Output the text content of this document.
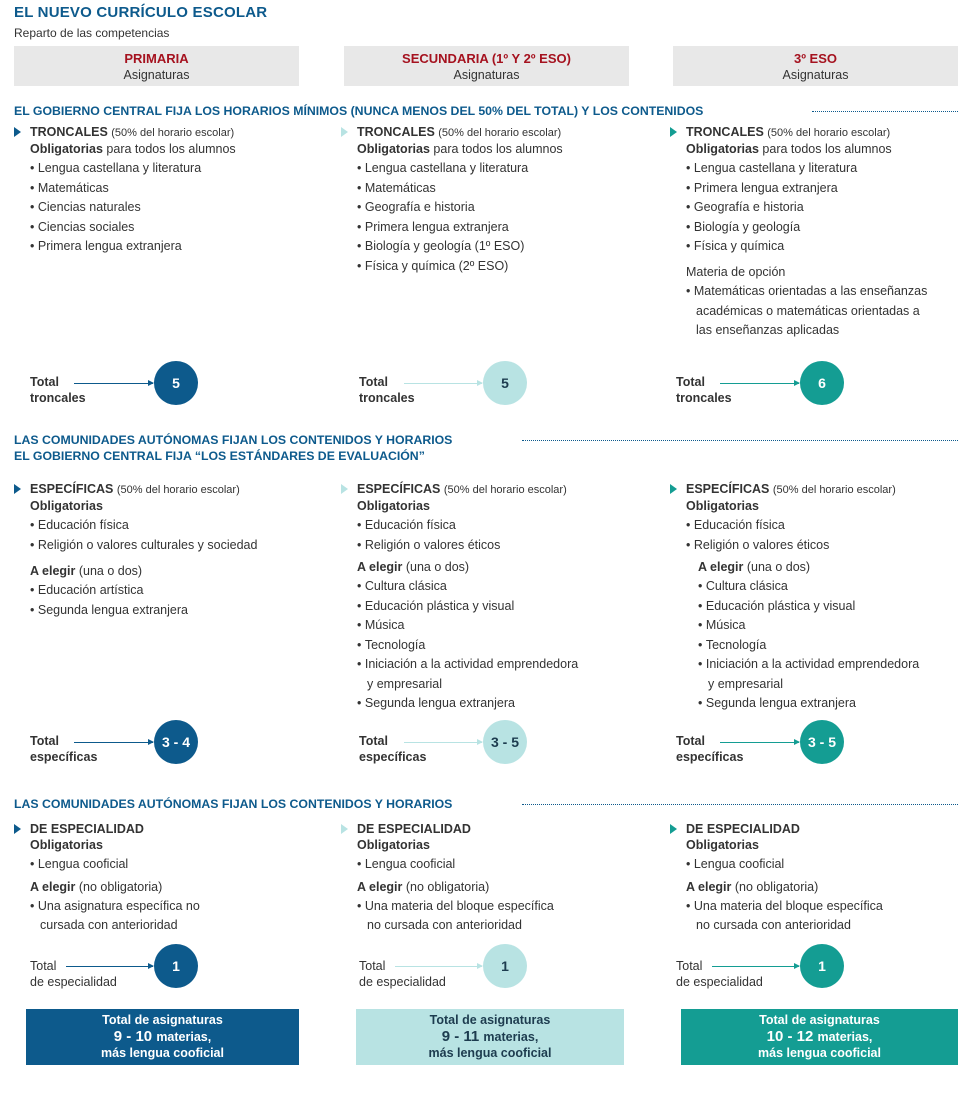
EL NUEVO CURRÍCULO ESCOLAR
Reparto de las competencias
PRIMARIA
Asignaturas
SECUNDARIA (1º Y 2º ESO)
Asignaturas
3º ESO
Asignaturas
EL GOBIERNO CENTRAL FIJA LOS HORARIOS MÍNIMOS (NUNCA MENOS DEL 50% DEL TOTAL) Y LOS CONTENIDOS
TRONCALES (50% del horario escolar)
Obligatorias para todos los alumnos
• Lengua castellana y literatura
• Matemáticas
• Ciencias naturales
• Ciencias sociales
• Primera lengua extranjera
TRONCALES (50% del horario escolar)
Obligatorias para todos los alumnos
• Lengua castellana y literatura
• Matemáticas
• Geografía e historia
• Primera lengua extranjera
• Biología y geología (1º ESO)
• Física y química (2º ESO)
TRONCALES (50% del horario escolar)
Obligatorias para todos los alumnos
• Lengua castellana y literatura
• Primera lengua extranjera
• Geografía e historia
• Biología y geología
• Física y química
Materia de opción
• Matemáticas orientadas a las enseñanzas
académicas o matemáticas orientadas a
las enseñanzas aplicadas
Total
troncales
5	Total
troncales
5	Total
troncales
6
LAS COMUNIDADES AUTÓNOMAS FIJAN LOS CONTENIDOS Y HORARIOS
EL GOBIERNO CENTRAL FIJA “LOS ESTÁNDARES DE EVALUACIÓN”
ESPECÍFICAS (50% del horario escolar)
Obligatorias
• Educación física
• Religión o valores culturales y sociedad
A elegir (una o dos)
• Educación artística
• Segunda lengua extranjera
ESPECÍFICAS (50% del horario escolar)
Obligatorias
• Educación física
• Religión o valores éticos
A elegir (una o dos)
• Cultura clásica
• Educación plástica y visual
• Música
• Tecnología
• Iniciación a la actividad emprendedora
y empresarial
• Segunda lengua extranjera
ESPECÍFICAS (50% del horario escolar)
Obligatorias
• Educación física
• Religión o valores éticos
A elegir (una o dos)
• Cultura clásica
• Educación plástica y visual
• Música
• Tecnología
• Iniciación a la actividad emprendedora
y empresarial
• Segunda lengua extranjera
Total
específicas
3 - 4	Total
específicas
3 - 5	Total
específicas
3 - 5
LAS COMUNIDADES AUTÓNOMAS FIJAN LOS CONTENIDOS Y HORARIOS
DE ESPECIALIDAD
Obligatorias
• Lengua cooficial
A elegir (no obligatoria)
• Una asignatura específica no
cursada con anterioridad
DE ESPECIALIDAD
Obligatorias
• Lengua cooficial
A elegir (no obligatoria)
• Una materia del bloque específica
no cursada con anterioridad
DE ESPECIALIDAD
Obligatorias
• Lengua cooficial
A elegir (no obligatoria)
• Una materia del bloque específica
no cursada con anterioridad
Total
de especialidad
1	Total
de especialidad
1	Total
de especialidad
1
Total de asignaturas
9 - 10 materias,
más lengua cooficial
Total de asignaturas
9 - 11 materias,
más lengua cooficial
Total de asignaturas
10 - 12 materias,
más lengua cooficial
